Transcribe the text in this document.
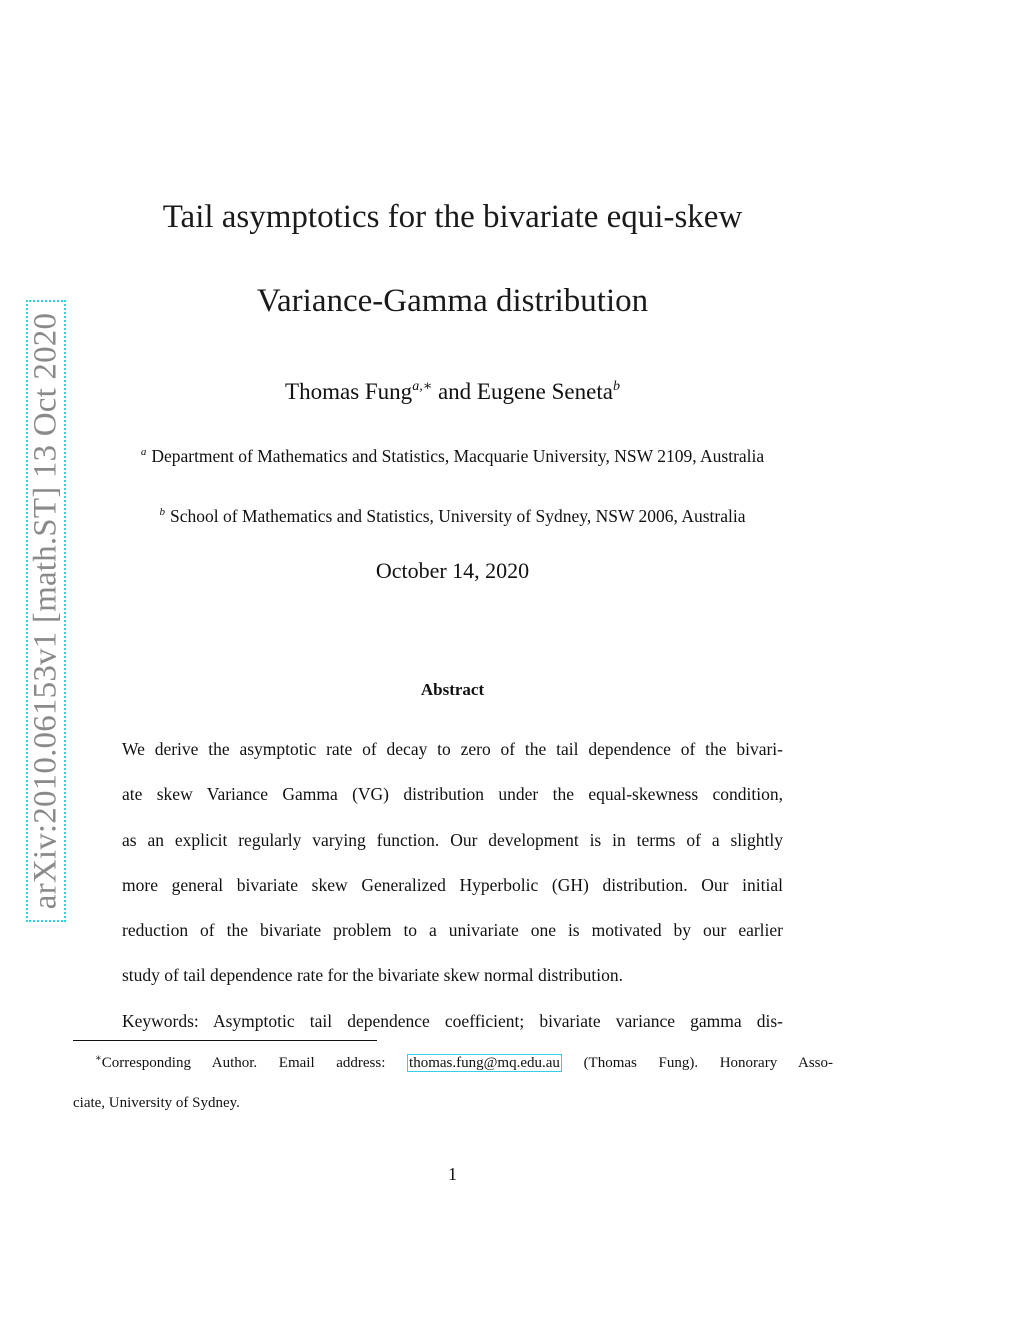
arXiv:2010.06153v1 [math.ST] 13 Oct 2020
Tail asymptotics for the bivariate equi-skew
Variance-Gamma distribution
Thomas Fung$^{a,∗}$ and Eugene Seneta$^b$
$^a$ Department of Mathematics and Statistics, Macquarie University, NSW 2109, Australia
$^b$ School of Mathematics and Statistics, University of Sydney, NSW 2006, Australia
October 14, 2020
Abstract
We derive the asymptotic rate of decay to zero of the tail dependence of the bivari-
ate skew Variance Gamma (VG) distribution under the equal-skewness condition,
as an explicit regularly varying function. Our development is in terms of a slightly
more general bivariate skew Generalized Hyperbolic (GH) distribution. Our initial
reduction of the bivariate problem to a univariate one is motivated by our earlier
study of tail dependence rate for the bivariate skew normal distribution.
Keywords: Asymptotic tail dependence coefficient; bivariate variance gamma dis-
∗Corresponding Author. Email address: thomas.fung@mq.edu.au (Thomas Fung). Honorary Asso-
ciate, University of Sydney.
1
